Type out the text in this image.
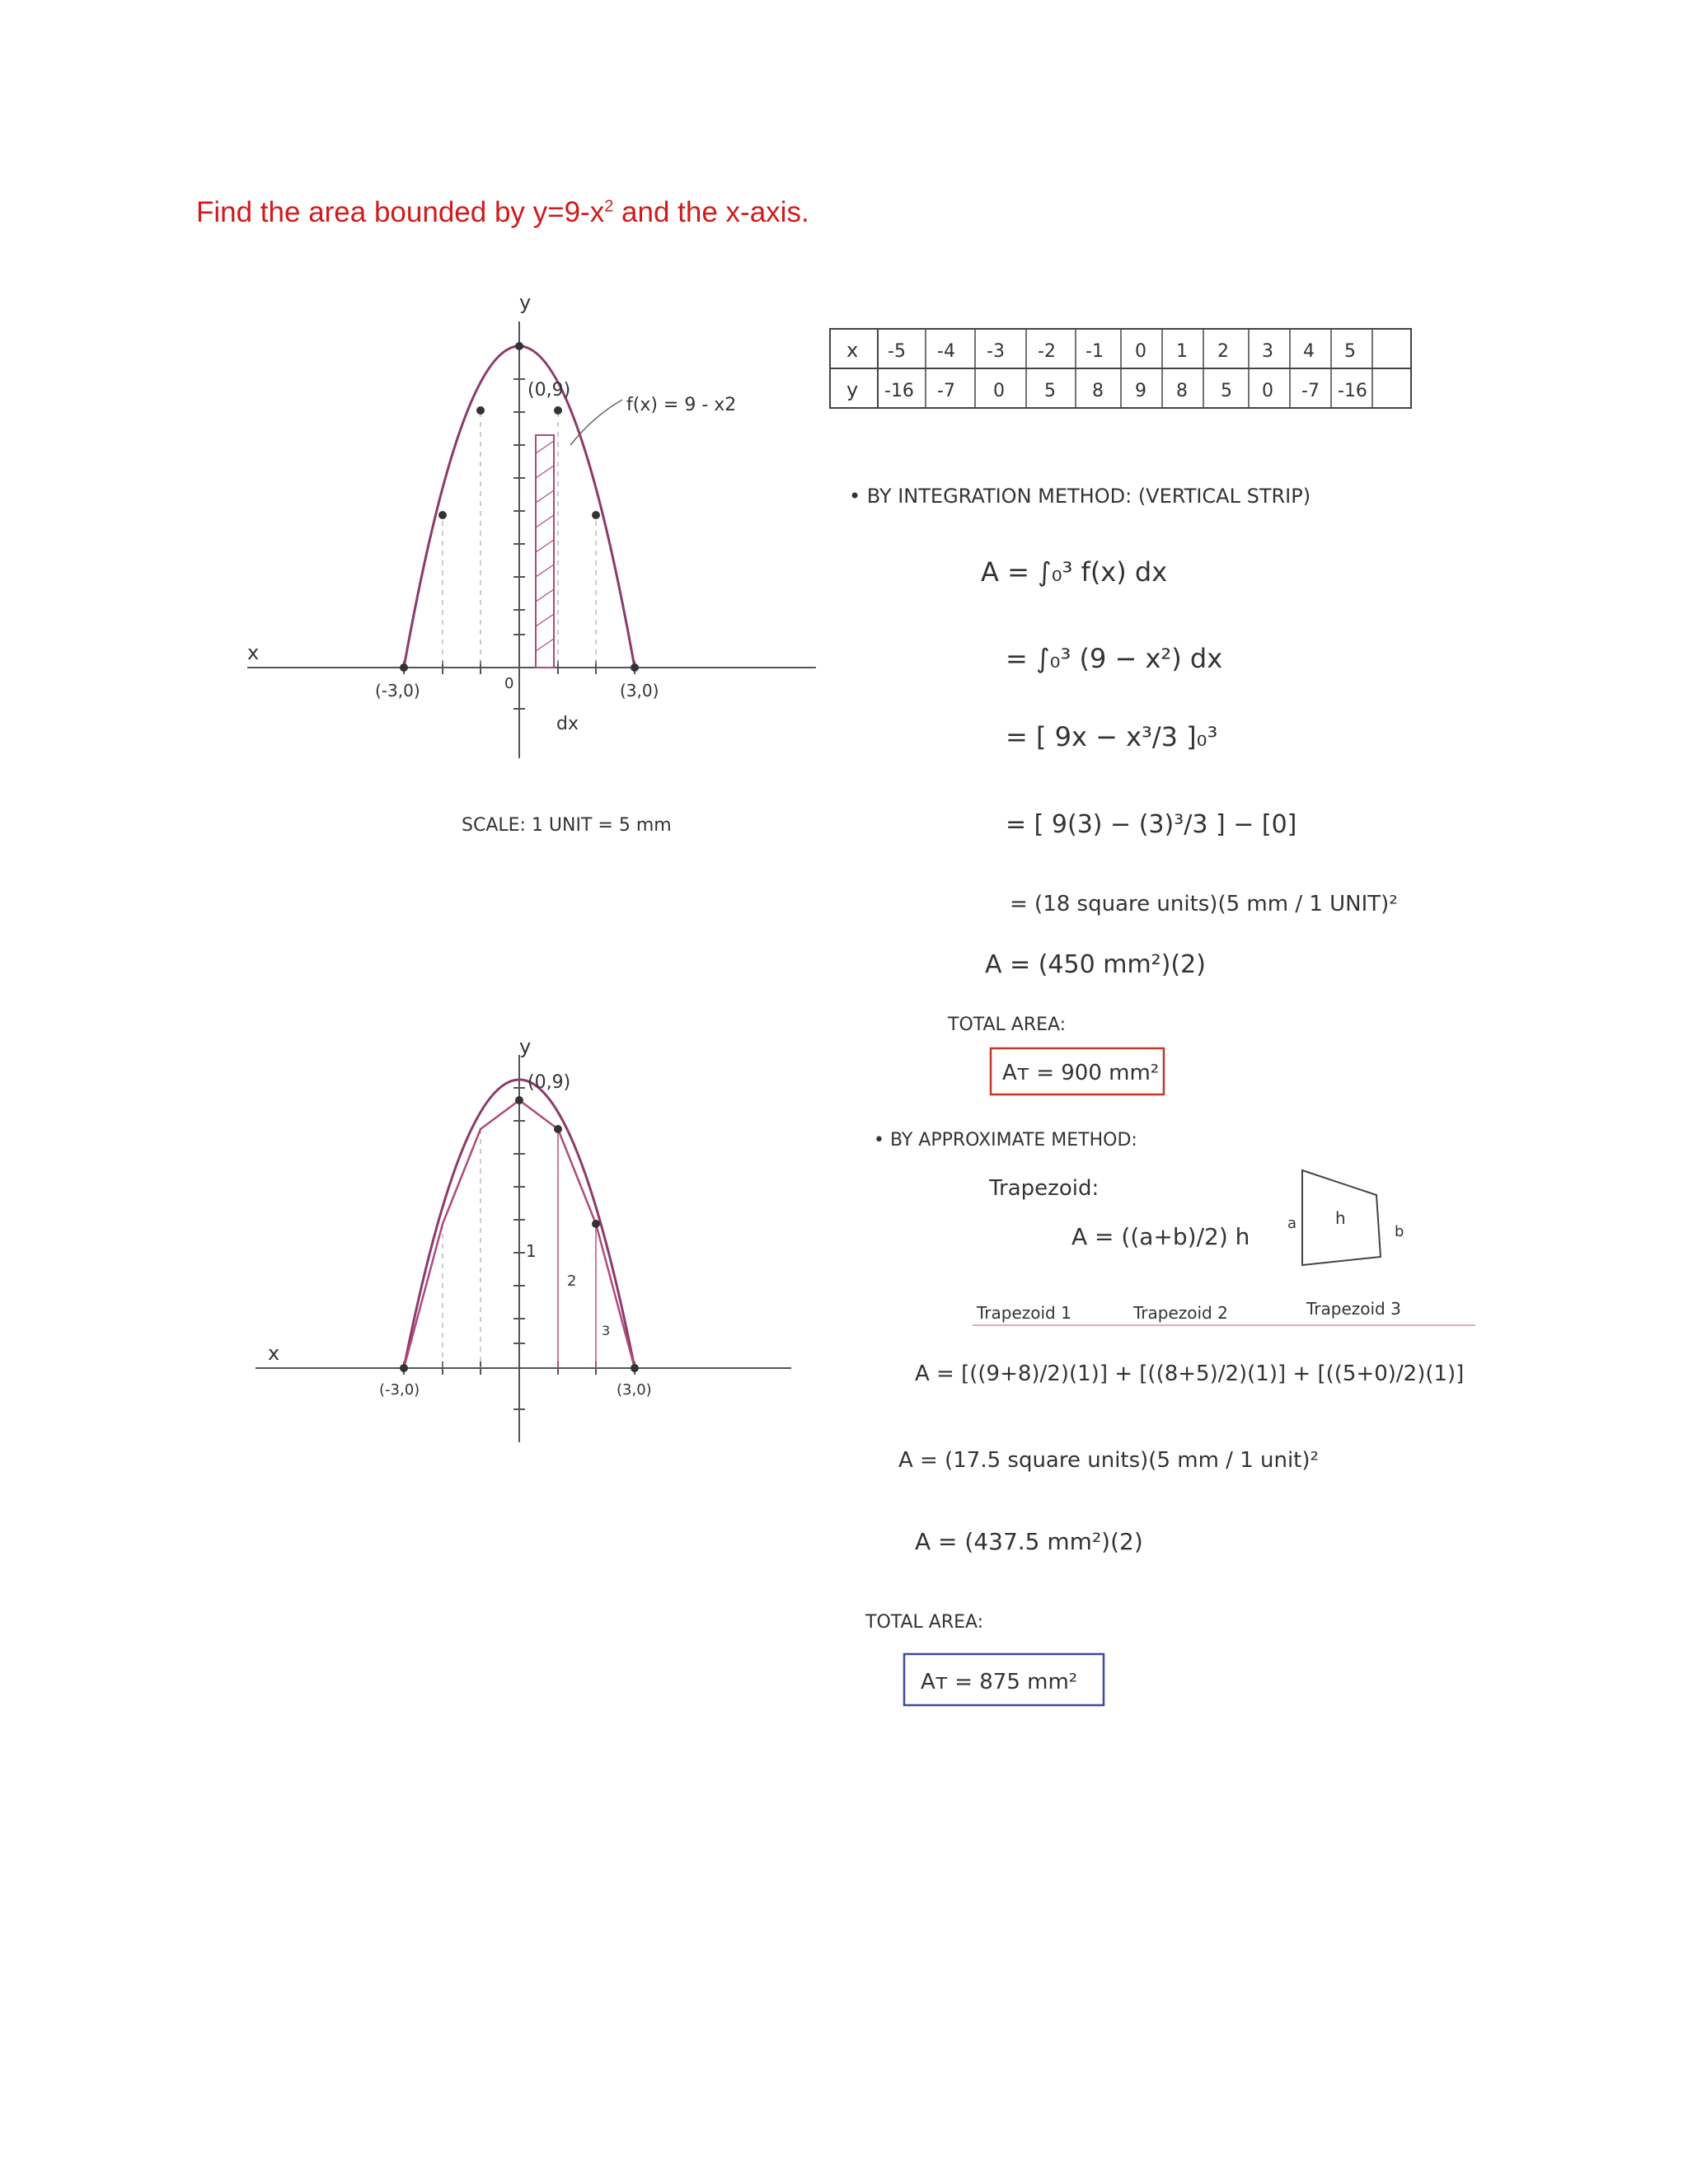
Find the area bounded by $y=9-x^2$ and the x-axis.
y
x
(0,9)
f(x) = 9 - x2
(-3,0)	(3,0)
0
dx
SCALE: 1 UNIT = 5 mm
x
y
-5 -4 -3 -2 -1 0 1 2 3 4 5
-16 -7 0 5 8 9 8 5 0 -7 -16
• BY INTEGRATION METHOD: (VERTICAL STRIP)
A = ∫₀³ f(x) dx
= ∫₀³ (9 − x²) dx
= [ 9x − x³/3 ]₀³
= [ 9(3) − (3)³/3 ] − [0]
= (18 square units)(5 mm / 1 UNIT)²
A = (450 mm²)(2)
TOTAL AREA:
Aᴛ = 900 mm²
y
x
(0,9)
(-3,0)	(3,0)
1
2
3
• BY APPROXIMATE METHOD:
Trapezoid:
A = ((a+b)/2) h	a h
b
Trapezoid 1	Trapezoid 2	Trapezoid 3
A = [((9+8)/2)(1)] + [((8+5)/2)(1)] + [((5+0)/2)(1)]
A = (17.5 square units)(5 mm / 1 unit)²
A = (437.5 mm²)(2)
TOTAL AREA:
Aᴛ = 875 mm²
